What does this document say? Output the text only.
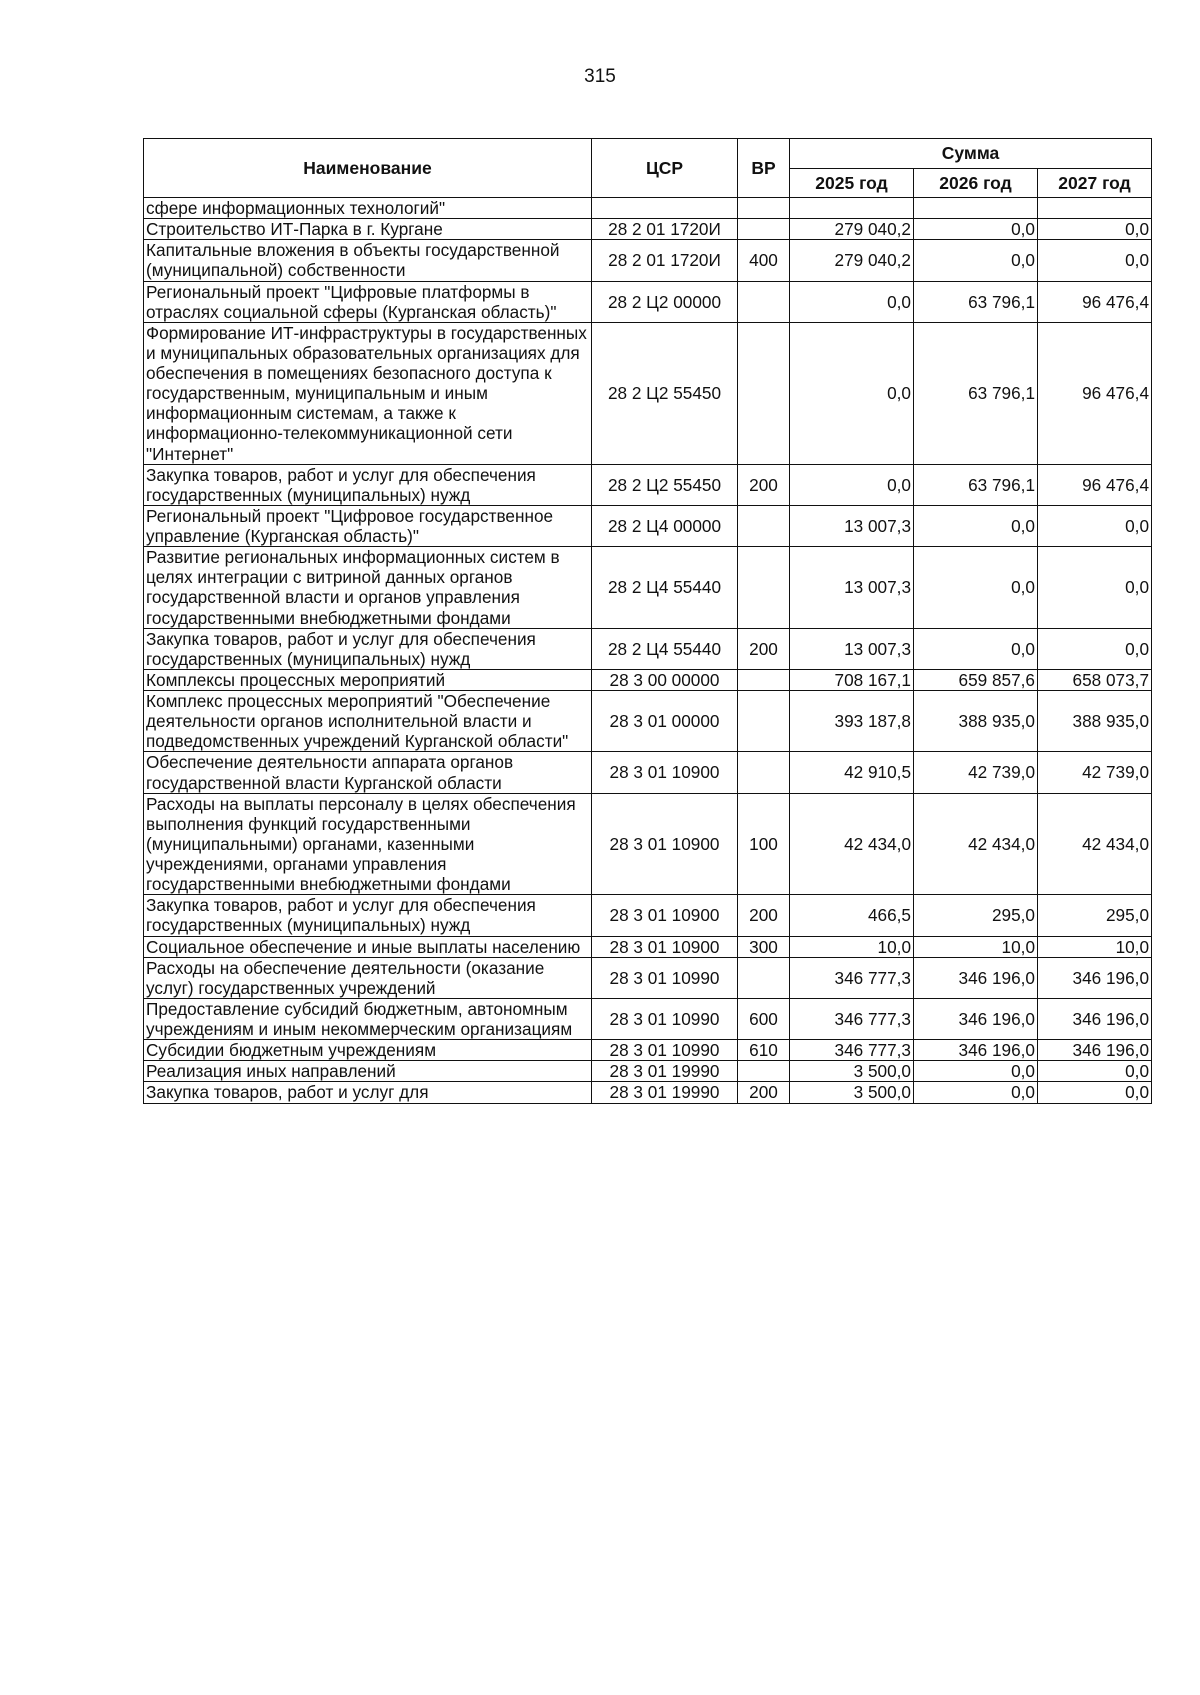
315
Наименование	ЦСР	ВР	Сумма		
			2025 год	2026 год	2027 год
сфере информационных технологий"					
Строительство ИТ-Парка в г. Кургане	28 2 01 1720И		279 040,2	0,0	0,0
Капитальные вложения в объекты государственной (муниципальной) собственности	28 2 01 1720И	400	279 040,2	0,0	0,0
Региональный проект "Цифровые платформы в отраслях социальной сферы (Курганская область)"	28 2 Ц2 00000		0,0	63 796,1	96 476,4
Формирование ИТ-инфраструктуры в государственных и муниципальных образовательных организациях для обеспечения в помещениях безопасного доступа к государственным, муниципальным и иным информационным системам, а также к информационно-телекоммуникационной сети "Интернет"	28 2 Ц2 55450		0,0	63 796,1	96 476,4
Закупка товаров, работ и услуг для обеспечения государственных (муниципальных) нужд	28 2 Ц2 55450	200	0,0	63 796,1	96 476,4
Региональный проект "Цифровое государственное управление (Курганская область)"	28 2 Ц4 00000		13 007,3	0,0	0,0
Развитие региональных информационных систем в целях интеграции с витриной данных органов государственной власти и органов управления государственными внебюджетными фондами	28 2 Ц4 55440		13 007,3	0,0	0,0
Закупка товаров, работ и услуг для обеспечения государственных (муниципальных) нужд	28 2 Ц4 55440	200	13 007,3	0,0	0,0
Комплексы процессных мероприятий	28 3 00 00000		708 167,1	659 857,6	658 073,7
Комплекс процессных мероприятий "Обеспечение деятельности органов исполнительной власти и подведомственных учреждений Курганской области"	28 3 01 00000		393 187,8	388 935,0	388 935,0
Обеспечение деятельности аппарата органов государственной власти Курганской области	28 3 01 10900		42 910,5	42 739,0	42 739,0
Расходы на выплаты персоналу в целях обеспечения выполнения функций государственными (муниципальными) органами, казенными учреждениями, органами управления государственными внебюджетными фондами	28 3 01 10900	100	42 434,0	42 434,0	42 434,0
Закупка товаров, работ и услуг для обеспечения государственных (муниципальных) нужд	28 3 01 10900	200	466,5	295,0	295,0
Социальное обеспечение и иные выплаты населению	28 3 01 10900	300	10,0	10,0	10,0
Расходы на обеспечение деятельности (оказание услуг) государственных учреждений	28 3 01 10990		346 777,3	346 196,0	346 196,0
Предоставление субсидий бюджетным, автономным учреждениям и иным некоммерческим организациям	28 3 01 10990	600	346 777,3	346 196,0	346 196,0
Субсидии бюджетным учреждениям	28 3 01 10990	610	346 777,3	346 196,0	346 196,0
Реализация иных направлений	28 3 01 19990		3 500,0	0,0	0,0
Закупка товаров, работ и услуг для	28 3 01 19990	200	3 500,0	0,0	0,0
